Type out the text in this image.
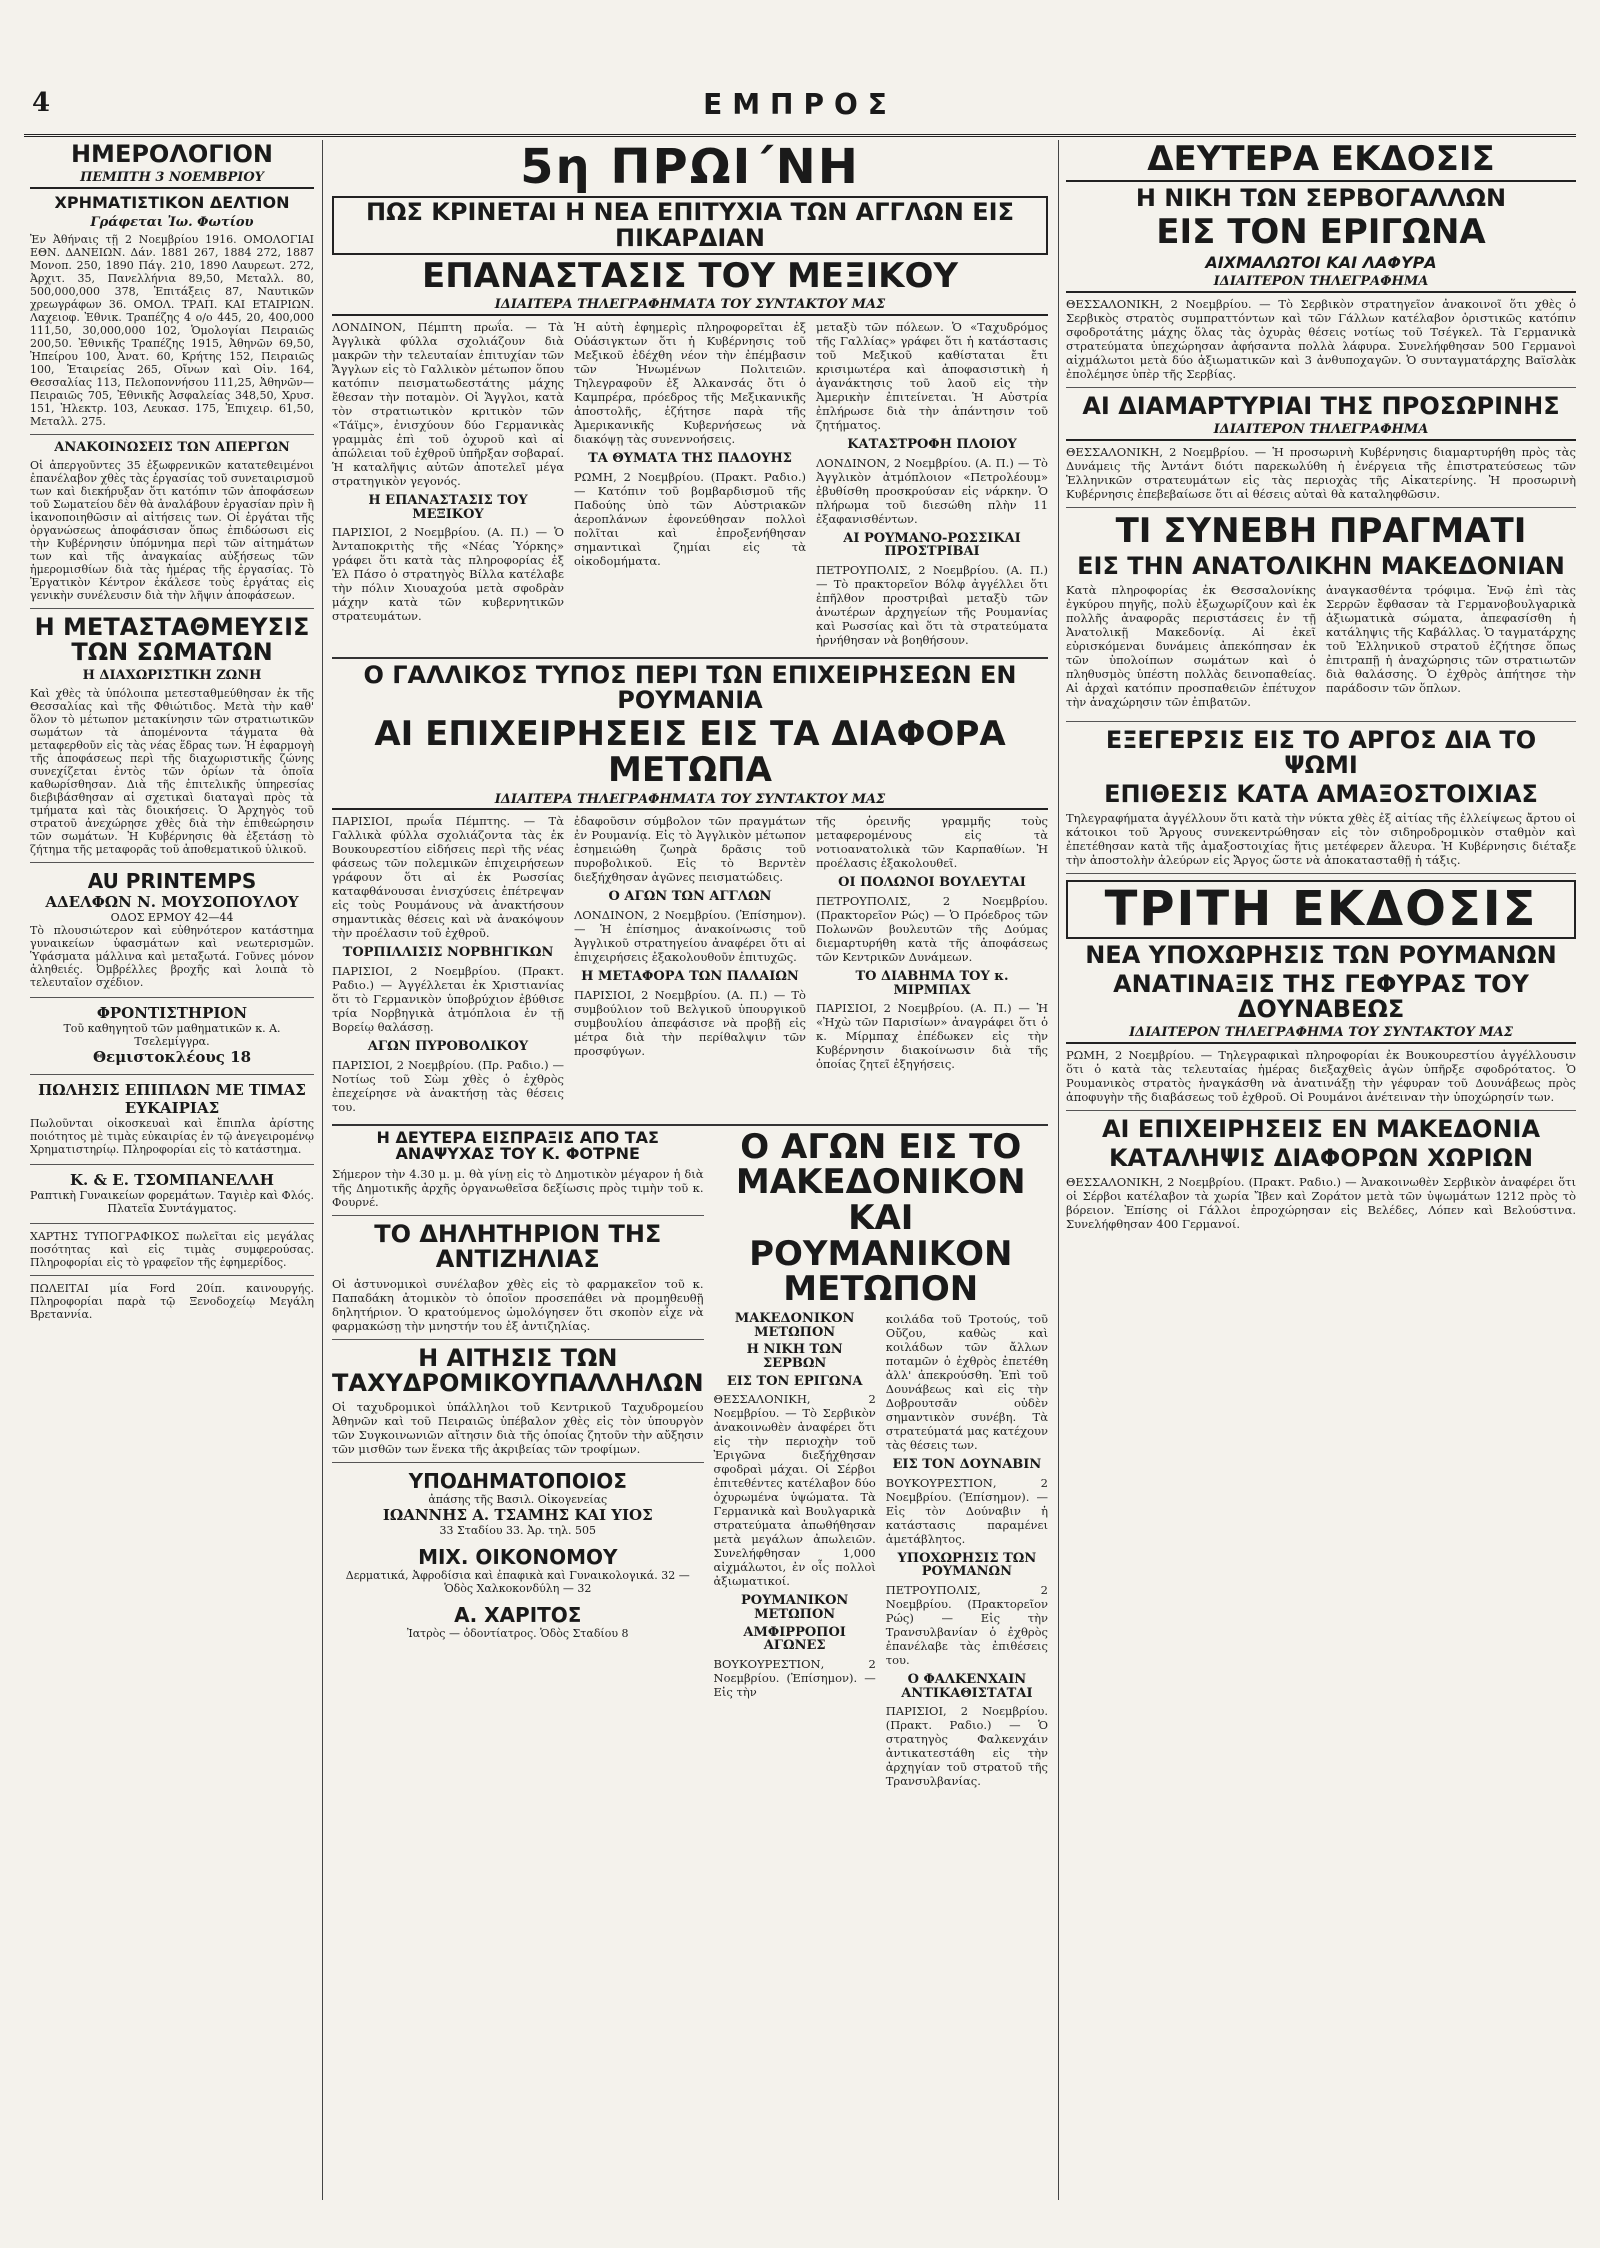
4	ΕΜΠΡΟΣ
ΗΜΕΡΟΛΟΓΙΟΝ
ΠΕΜΠΤΗ 3 ΝΟΕΜΒΡΙΟΥ
ΧΡΗΜΑΤΙΣΤΙΚΟΝ ΔΕΛΤΙΟΝ
Γράφεται Ἰω. Φωτίου

Ἐν Ἀθήναις τῇ 2 Νοεμβρίου 1916. ΟΜΟΛΟΓΙΑΙ ΕΘΝ. ΔΑΝΕΙΩΝ. Δάν. 1881 267, 1884 272, 1887 Μονοπ. 250, 1890 Πάγ. 210, 1890 Λαυρεωτ. 272, Ἀρχιτ. 35, Πανελλήνια 89,50, Μεταλλ. 80, 500,000,000 378, Ἐπιτάξεις 87, Ναυτικῶν χρεωγράφων 36. ΟΜΟΛ. ΤΡΑΠ. ΚΑΙ ΕΤΑΙΡΙΩΝ. Λαχειοφ. Ἐθνικ. Τραπέζης 4 ο/ο 445, 20, 400,000 111,50, 30,000,000 102, Ὁμολογίαι Πειραιῶς 200,50. Ἐθνικῆς Τραπέζης 1915, Ἀθηνῶν 69,50, Ἠπείρου 100, Ἀνατ. 60, Κρήτης 152, Πειραιῶς 100, Ἑταιρείας 265, Οἴνων καὶ Οἰν. 164, Θεσσαλίας 113, Πελοποννήσου 111,25, Ἀθηνῶν—Πειραιῶς 705, Ἐθνικῆς Ἀσφαλείας 348,50, Χρυσ. 151, Ἠλεκτρ. 103, Λευκασ. 175, Ἐπιχειρ. 61,50, Μεταλλ. 275.

ΑΝΑΚΟΙΝΩΣΕΙΣ ΤΩΝ ΑΠΕΡΓΩΝ

Οἱ ἀπεργοῦντες 35 ἐξωφρενικῶν κατατεθειμένοι ἐπανέλαβον χθὲς τὰς ἐργασίας τοῦ συνεταιρισμοῦ των καὶ διεκήρυξαν ὅτι κατόπιν τῶν ἀποφάσεων τοῦ Σωματείου δὲν θὰ ἀναλάβουν ἐργασίαν πρὶν ἢ ἱκανοποιηθῶσιν αἱ αἰτήσεις των. Οἱ ἐργάται τῆς ὀργανώσεως ἀποφάσισαν ὅπως ἐπιδώσωσι εἰς τὴν Κυβέρνησιν ὑπόμνημα περὶ τῶν αἰτημάτων των καὶ τῆς ἀναγκαίας αὐξήσεως τῶν ἡμερομισθίων διὰ τὰς ἡμέρας τῆς ἐργασίας. Τὸ Ἐργατικὸν Κέντρον ἐκάλεσε τοὺς ἐργάτας εἰς γενικὴν συνέλευσιν διὰ τὴν λῆψιν ἀποφάσεων.

Η ΜΕΤΑΣΤΑΘΜΕΥΣΙΣ ΤΩΝ ΣΩΜΑΤΩΝ
Η ΔΙΑΧΩΡΙΣΤΙΚΗ ΖΩΝΗ

Καὶ χθὲς τὰ ὑπόλοιπα μετεσταθμεύθησαν ἐκ τῆς Θεσσαλίας καὶ τῆς Φθιώτιδος. Μετὰ τὴν καθ' ὅλον τὸ μέτωπον μετακίνησιν τῶν στρατιωτικῶν σωμάτων τὰ ἀπομένοντα τάγματα θὰ μεταφερθοῦν εἰς τὰς νέας ἕδρας των. Ἡ ἐφαρμογὴ τῆς ἀποφάσεως περὶ τῆς διαχωριστικῆς ζώνης συνεχίζεται ἐντὸς τῶν ὁρίων τὰ ὁποῖα καθωρίσθησαν. Διὰ τῆς ἐπιτελικῆς ὑπηρεσίας διεβιβάσθησαν αἱ σχετικαὶ διαταγαὶ πρὸς τὰ τμήματα καὶ τὰς διοικήσεις. Ὁ Ἀρχηγὸς τοῦ στρατοῦ ἀνεχώρησε χθὲς διὰ τὴν ἐπιθεώρησιν τῶν σωμάτων. Ἡ Κυβέρνησις θὰ ἐξετάσῃ τὸ ζήτημα τῆς μεταφορᾶς τοῦ ἀποθεματικοῦ ὑλικοῦ.

AU PRINTEMPS
ΑΔΕΛΦΩΝ Ν. ΜΟΥΣΟΠΟΥΛΟΥ
ΟΔΟΣ ΕΡΜΟΥ 42—44

Τὸ πλουσιώτερον καὶ εὐθηνότερον κατάστημα γυναικείων ὑφασμάτων καὶ νεωτερισμῶν. Ὑφάσματα μάλλινα καὶ μεταξωτά. Γοῦνες μόνον ἀληθειές. Ὀμβρέλλες βροχῆς καὶ λοιπὰ τὸ τελευταῖον σχέδιον.

ΦΡΟΝΤΙΣΤΗΡΙΟΝ
Τοῦ καθηγητοῦ τῶν μαθηματικῶν κ. Α. Τσελεμίγγρα.
Θεμιστοκλέους 18
ΠΩΛΗΣΙΣ ΕΠΙΠΛΩΝ ΜΕ ΤΙΜΑΣ ΕΥΚΑΙΡΙΑΣ

Πωλοῦνται οἰκοσκευαὶ καὶ ἔπιπλα ἀρίστης ποιότητος μὲ τιμὰς εὐκαιρίας ἐν τῷ ἀνεγειρομένῳ Χρηματιστηρίῳ. Πληροφορίαι εἰς τὸ κατάστημα.

Κ. & Ε. ΤΣΟΜΠΑΝΕΛΛΗ
Ραπτικὴ Γυναικείων φορεμάτων. Ταγιὲρ καὶ Φλός. Πλατεῖα Συντάγματος.

ΧΑΡΤΗΣ ΤΥΠΟΓΡΑΦΙΚΟΣ πωλεῖται εἰς μεγάλας ποσότητας καὶ εἰς τιμὰς συμφερούσας. Πληροφορίαι εἰς τὸ γραφεῖον τῆς ἐφημερίδος.

ΠΩΛΕΙΤΑΙ μία Ford 20ίπ. καινουργής. Πληροφορίαι παρὰ τῷ Ξενοδοχείῳ Μεγάλη Βρεταννία.

5η ΠΡΩΙ΄ΝΗ
ΠΩΣ ΚΡΙΝΕΤΑΙ Η ΝΕΑ ΕΠΙΤΥΧΙΑ ΤΩΝ ΑΓΓΛΩΝ ΕΙΣ ΠΙΚΑΡΔΙΑΝ
ΕΠΑΝΑΣΤΑΣΙΣ ΤΟΥ ΜΕΞΙΚΟΥ
ΙΔΙΑΙΤΕΡΑ ΤΗΛΕΓΡΑΦΗΜΑΤΑ ΤΟΥ ΣΥΝΤΑΚΤΟΥ ΜΑΣ

ΛΟΝΔΙΝΟΝ, Πέμπτη πρωΐα. — Τὰ Ἀγγλικὰ φύλλα σχολιάζουν διὰ μακρῶν τὴν τελευταίαν ἐπιτυχίαν τῶν Ἄγγλων εἰς τὸ Γαλλικὸν μέτωπον ὅπου κατόπιν πεισματωδεστάτης μάχης ἔθεσαν τὴν ποταμὸν. Οἱ Ἄγγλοι, κατὰ τὸν στρατιωτικὸν κριτικὸν τῶν «Τάϊμς», ἐνισχύουν δύο Γερμανικὰς γραμμὰς ἐπὶ τοῦ ὀχυροῦ καὶ αἱ ἀπώλειαι τοῦ ἐχθροῦ ὑπῆρξαν σοβαραί. Ἡ καταλῆψις αὐτῶν ἀποτελεῖ μέγα στρατηγικὸν γεγονός.

Η ΕΠΑΝΑΣΤΑΣΙΣ ΤΟΥ ΜΕΞΙΚΟΥ

ΠΑΡΙΣΙΟΙ, 2 Νοεμβρίου. (Α. Π.) — Ὁ Ἀνταποκριτὴς τῆς «Νέας Ὑόρκης» γράφει ὅτι κατὰ τὰς πληροφορίας ἐξ Ἐλ Πάσο ὁ στρατηγὸς Βίλλα κατέλαβε τὴν πόλιν Χιουαχούα μετὰ σφοδρὰν μάχην κατὰ τῶν κυβερνητικῶν στρατευμάτων.

Ἡ αὐτὴ ἐφημερὶς πληροφορεῖται ἐξ Οὐάσιγκτων ὅτι ἡ Κυβέρνησις τοῦ Μεξικοῦ ἐδέχθη νέον τὴν ἐπέμβασιν τῶν Ἡνωμένων Πολιτειῶν. Τηλεγραφοῦν ἐξ Ἀλκανσάς ὅτι ὁ Καμπρέρα, πρόεδρος τῆς Μεξικανικῆς ἀποστολῆς, ἐζήτησε παρὰ τῆς Ἀμερικανικῆς Κυβερνήσεως νὰ διακόψῃ τὰς συνεννοήσεις.

ΤΑ ΘΥΜΑΤΑ ΤΗΣ ΠΑΔΟΥΗΣ

ΡΩΜΗ, 2 Νοεμβρίου. (Πρακτ. Ραδιο.) — Κατόπιν τοῦ βομβαρδισμοῦ τῆς Παδούης ὑπὸ τῶν Αὐστριακῶν ἀεροπλάνων ἐφονεύθησαν πολλοὶ πολῖται καὶ ἐπροξενήθησαν σημαντικαὶ ζημίαι εἰς τὰ οἰκοδομήματα.

μεταξὺ τῶν πόλεων. Ὁ «Ταχυδρόμος τῆς Γαλλίας» γράφει ὅτι ἡ κατάστασις τοῦ Μεξικοῦ καθίσταται ἔτι κρισιμωτέρα καὶ ἀποφασιστικὴ ἡ ἀγανάκτησις τοῦ λαοῦ εἰς τὴν Ἀμερικὴν ἐπιτείνεται. Ἡ Αὐστρία ἐπλήρωσε διὰ τὴν ἀπάντησιν τοῦ ζητήματος.

ΚΑΤΑΣΤΡΟΦΗ ΠΛΟΙΟΥ

ΛΟΝΔΙΝΟΝ, 2 Νοεμβρίου. (Α. Π.) — Τὸ Ἀγγλικὸν ἀτμόπλοιον «Πετρολέουμ» ἐβυθίσθη προσκρούσαν εἰς νάρκην. Ὁ πλήρωμα τοῦ διεσώθη πλὴν 11 ἐξαφανισθέντων.

ΑΙ ΡΟΥΜΑΝΟ-ΡΩΣΣΙΚΑΙ ΠΡΟΣΤΡΙΒΑΙ

ΠΕΤΡΟΥΠΟΛΙΣ, 2 Νοεμβρίου. (Α. Π.) — Τὸ πρακτορεῖον Βόλφ ἀγγέλλει ὅτι ἐπῆλθον προστριβαὶ μεταξὺ τῶν ἀνωτέρων ἀρχηγείων τῆς Ρουμανίας καὶ Ρωσσίας καὶ ὅτι τὰ στρατεύματα ἠρνήθησαν νὰ βοηθήσουν.

Ο ΓΑΛΛΙΚΟΣ ΤΥΠΟΣ ΠΕΡΙ ΤΩΝ ΕΠΙΧΕΙΡΗΣΕΩΝ ΕΝ ΡΟΥΜΑΝΙΑ
ΑΙ ΕΠΙΧΕΙΡΗΣΕΙΣ ΕΙΣ ΤΑ ΔΙΑΦΟΡΑ ΜΕΤΩΠΑ
ΙΔΙΑΙΤΕΡΑ ΤΗΛΕΓΡΑΦΗΜΑΤΑ ΤΟΥ ΣΥΝΤΑΚΤΟΥ ΜΑΣ

ΠΑΡΙΣΙΟΙ, πρωΐα Πέμπτης. — Τὰ Γαλλικὰ φύλλα σχολιάζοντα τὰς ἐκ Βουκουρεστίου εἰδήσεις περὶ τῆς νέας φάσεως τῶν πολεμικῶν ἐπιχειρήσεων γράφουν ὅτι αἱ ἐκ Ρωσσίας καταφθάνουσαι ἐνισχύσεις ἐπέτρεψαν εἰς τοὺς Ρουμάνους νὰ ἀνακτήσουν σημαντικὰς θέσεις καὶ νὰ ἀνακόψουν τὴν προέλασιν τοῦ ἐχθροῦ.

ΤΟΡΠΙΛΛΙΣΙΣ ΝΟΡΒΗΓΙΚΩΝ

ΠΑΡΙΣΙΟΙ, 2 Νοεμβρίου. (Πρακτ. Ραδιο.) — Ἀγγέλλεται ἐκ Χριστιανίας ὅτι τὸ Γερμανικὸν ὑποβρύχιον ἐβύθισε τρία Νορβηγικὰ ἀτμόπλοια ἐν τῇ Βορείῳ θαλάσσῃ.

ΑΓΩΝ ΠΥΡΟΒΟΛΙΚΟΥ

ΠΑΡΙΣΙΟΙ, 2 Νοεμβρίου. (Πρ. Ραδιο.) — Νοτίως τοῦ Σὼμ χθὲς ὁ ἐχθρὸς ἐπεχείρησε νὰ ἀνακτήσῃ τὰς θέσεις του.

ἐδαφοῦσιν σύμβολον τῶν πραγμάτων ἐν Ρουμανίᾳ. Εἰς τὸ Ἀγγλικὸν μέτωπον ἐσημειώθη ζωηρὰ δρᾶσις τοῦ πυροβολικοῦ. Εἰς τὸ Βερντὲν διεξήχθησαν ἀγῶνες πεισματώδεις.

Ο ΑΓΩΝ ΤΩΝ ΑΓΓΛΩΝ

ΛΟΝΔΙΝΟΝ, 2 Νοεμβρίου. (Ἐπίσημον). — Ἡ ἐπίσημος ἀνακοίνωσις τοῦ Ἀγγλικοῦ στρατηγείου ἀναφέρει ὅτι αἱ ἐπιχειρήσεις ἐξακολουθοῦν ἐπιτυχῶς.

Η ΜΕΤΑΦΟΡΑ ΤΩΝ ΠΑΛΑΙΩΝ

ΠΑΡΙΣΙΟΙ, 2 Νοεμβρίου. (Α. Π.) — Τὸ συμβούλιον τοῦ Βελγικοῦ ὑπουργικοῦ συμβουλίου ἀπεφάσισε νὰ προβῇ εἰς μέτρα διὰ τὴν περίθαλψιν τῶν προσφύγων.

τῆς ὁρεινῆς γραμμῆς τοὺς μεταφερομένους εἰς τὰ νοτιοανατολικὰ τῶν Καρπαθίων. Ἡ προέλασις ἐξακολουθεῖ.

ΟΙ ΠΟΛΩΝΟΙ ΒΟΥΛΕΥΤΑΙ

ΠΕΤΡΟΥΠΟΛΙΣ, 2 Νοεμβρίου. (Πρακτορεῖον Ρώς) — Ὁ Πρόεδρος τῶν Πολωνῶν βουλευτῶν τῆς Δούμας διεμαρτυρήθη κατὰ τῆς ἀποφάσεως τῶν Κεντρικῶν Δυνάμεων.

ΤΟ ΔΙΑΒΗΜΑ ΤΟΥ κ. ΜΙΡΜΠΑΧ

ΠΑΡΙΣΙΟΙ, 2 Νοεμβρίου. (Α. Π.) — Ἡ «Ἠχὼ τῶν Παρισίων» ἀναγράφει ὅτι ὁ κ. Μίρμπαχ ἐπέδωκεν εἰς τὴν Κυβέρνησιν διακοίνωσιν διὰ τῆς ὁποίας ζητεῖ ἐξηγήσεις.

Η ΔΕΥΤΕΡΑ ΕΙΣΠΡΑΞΙΣ ΑΠΟ ΤΑΣ ΑΝΑΨΥΧΑΣ ΤΟΥ Κ. ΦΟΤΡΝΕ

Σήμερον τὴν 4.30 μ. μ. θὰ γίνῃ εἰς τὸ Δημοτικὸν μέγαρον ἡ διὰ τῆς Δημοτικῆς ἀρχῆς ὀργανωθεῖσα δεξίωσις πρὸς τιμὴν τοῦ κ. Φουρνέ.

ΤΟ ΔΗΛΗΤΗΡΙΟΝ ΤΗΣ ΑΝΤΙΖΗΛΙΑΣ

Οἱ ἀστυνομικοὶ συνέλαβον χθὲς εἰς τὸ φαρμακεῖον τοῦ κ. Παπαδάκη ἀτομικὸν τὸ ὁποῖον προσεπάθει νὰ προμηθευθῇ δηλητήριον. Ὁ κρατούμενος ὡμολόγησεν ὅτι σκοπὸν εἶχε νὰ φαρμακώσῃ τὴν μνηστήν του ἐξ ἀντιζηλίας.

Η ΑΙΤΗΣΙΣ ΤΩΝ ΤΑΧΥΔΡΟΜΙΚΟΥΠΑΛΛΗΛΩΝ

Οἱ ταχυδρομικοὶ ὑπάλληλοι τοῦ Κεντρικοῦ Ταχυδρομείου Ἀθηνῶν καὶ τοῦ Πειραιῶς ὑπέβαλον χθὲς εἰς τὸν ὑπουργὸν τῶν Συγκοινωνιῶν αἴτησιν διὰ τῆς ὁποίας ζητοῦν τὴν αὔξησιν τῶν μισθῶν των ἕνεκα τῆς ἀκριβείας τῶν τροφίμων.

ΥΠΟΔΗΜΑΤΟΠΟΙΟΣ
ἀπάσης τῆς Βασιλ. Οἰκογενείας
ΙΩΑΝΝΗΣ Α. ΤΣΑΜΗΣ ΚΑΙ ΥΙΟΣ
33 Σταδίου 33. Ἀρ. τηλ. 505
ΜΙΧ. ΟΙΚΟΝΟΜΟΥ
Δερματικά, Ἀφροδίσια καὶ ἐπαφικὰ καὶ Γυναικολογικά. 32 — Ὁδὸς Χαλκοκονδύλη — 32
Α. ΧΑΡΙΤΟΣ
Ἰατρὸς — ὀδοντίατρος. Ὁδὸς Σταδίου 8
Ο ΑΓΩΝ ΕΙΣ ΤΟ ΜΑΚΕΔΟΝΙΚΟΝ ΚΑΙ ΡΟΥΜΑΝΙΚΟΝ ΜΕΤΩΠΟΝ
ΜΑΚΕΔΟΝΙΚΟΝ ΜΕΤΩΠΟΝ
Η ΝΙΚΗ ΤΩΝ ΣΕΡΒΩΝ
ΕΙΣ ΤΟΝ ΕΡΙΓΩΝΑ

ΘΕΣΣΑΛΟΝΙΚΗ, 2 Νοεμβρίου. — Τὸ Σερβικὸν ἀνακοινωθὲν ἀναφέρει ὅτι εἰς τὴν περιοχὴν τοῦ Ἐριγῶνα διεξήχθησαν σφοδραὶ μάχαι. Οἱ Σέρβοι ἐπιτεθέντες κατέλαβον δύο ὀχυρωμένα ὑψώματα. Τὰ Γερμανικὰ καὶ Βουλγαρικὰ στρατεύματα ἀπωθήθησαν μετὰ μεγάλων ἀπωλειῶν. Συνελήφθησαν 1,000 αἰχμάλωτοι, ἐν οἷς πολλοὶ ἀξιωματικοί.

ΡΟΥΜΑΝΙΚΟΝ ΜΕΤΩΠΟΝ
ΑΜΦΙΡΡΟΠΟΙ ΑΓΩΝΕΣ

ΒΟΥΚΟΥΡΕΣΤΙΟΝ, 2 Νοεμβρίου. (Ἐπίσημον). — Εἰς τὴν

κοιλάδα τοῦ Τροτούς, τοῦ Οὔζου, καθὼς καὶ κοιλάδων τῶν ἄλλων ποταμῶν ὁ ἐχθρὸς ἐπετέθη ἀλλ' ἀπεκρούσθη. Ἐπὶ τοῦ Δουνάβεως καὶ εἰς τὴν Δοβρουτσᾶν οὐδὲν σημαντικὸν συνέβη. Τὰ στρατεύματά μας κατέχουν τὰς θέσεις των.

ΕΙΣ ΤΟΝ ΔΟΥΝΑΒΙΝ

ΒΟΥΚΟΥΡΕΣΤΙΟΝ, 2 Νοεμβρίου. (Ἐπίσημον). — Εἰς τὸν Δούναβιν ἡ κατάστασις παραμένει ἀμετάβλητος.

ΥΠΟΧΩΡΗΣΙΣ ΤΩΝ ΡΟΥΜΑΝΩΝ

ΠΕΤΡΟΥΠΟΛΙΣ, 2 Νοεμβρίου. (Πρακτορεῖον Ρώς) — Εἰς τὴν Τρανσυλβανίαν ὁ ἐχθρὸς ἐπανέλαβε τὰς ἐπιθέσεις του.

Ο ΦΑΛΚΕΝΧΑΙΝ ΑΝΤΙΚΑΘΙΣΤΑΤΑΙ

ΠΑΡΙΣΙΟΙ, 2 Νοεμβρίου. (Πρακτ. Ραδιο.) — Ὁ στρατηγὸς Φαλκενχάιν ἀντικατεστάθη εἰς τὴν ἀρχηγίαν τοῦ στρατοῦ τῆς Τρανσυλβανίας.

ΔΕΥΤΕΡΑ ΕΚΔΟΣΙΣ
Η ΝΙΚΗ ΤΩΝ ΣΕΡΒΟΓΑΛΛΩΝ
ΕΙΣ ΤΟΝ ΕΡΙΓΩΝΑ
ΑΙΧΜΑΛΩΤΟΙ ΚΑΙ ΛΑΦΥΡΑ
ΙΔΙΑΙΤΕΡΟΝ ΤΗΛΕΓΡΑΦΗΜΑ

ΘΕΣΣΑΛΟΝΙΚΗ, 2 Νοεμβρίου. — Τὸ Σερβικὸν στρατηγεῖον ἀνακοινοῖ ὅτι χθὲς ὁ Σερβικὸς στρατὸς συμπραττόντων καὶ τῶν Γάλλων κατέλαβον ὀριστικῶς κατόπιν σφοδροτάτης μάχης ὅλας τὰς ὀχυρὰς θέσεις νοτίως τοῦ Τσέγκελ. Τὰ Γερμανικὰ στρατεύματα ὑπεχώρησαν ἀφήσαντα πολλὰ λάφυρα. Συνελήφθησαν 500 Γερμανοὶ αἰχμάλωτοι μετὰ δύο ἀξιωματικῶν καὶ 3 ἀνθυποχαγῶν. Ὁ συνταγματάρχης Βαϊσλὰκ ἐπολέμησε ὑπὲρ τῆς Σερβίας.

ΑΙ ΔΙΑΜΑΡΤΥΡΙΑΙ ΤΗΣ ΠΡΟΣΩΡΙΝΗΣ
ΙΔΙΑΙΤΕΡΟΝ ΤΗΛΕΓΡΑΦΗΜΑ

ΘΕΣΣΑΛΟΝΙΚΗ, 2 Νοεμβρίου. — Ἡ προσωρινὴ Κυβέρνησις διαμαρτυρήθη πρὸς τὰς Δυνάμεις τῆς Ἀντάντ διότι παρεκωλύθη ἡ ἐνέργεια τῆς ἐπιστρατεύσεως τῶν Ἑλληνικῶν στρατευμάτων εἰς τὰς περιοχὰς τῆς Αἰκατερίνης. Ἡ προσωρινὴ Κυβέρνησις ἐπεβεβαίωσε ὅτι αἱ θέσεις αὐταὶ θὰ καταληφθῶσιν.

ΤΙ ΣΥΝΕΒΗ ΠΡΑΓΜΑΤΙ
ΕΙΣ ΤΗΝ ΑΝΑΤΟΛΙΚΗΝ ΜΑΚΕΔΟΝΙΑΝ

Κατὰ πληροφορίας ἐκ Θεσσαλονίκης ἐγκύρου πηγῆς, πολὺ ἐξωχωρίζουν καὶ ἐκ πολλῆς ἀναφορᾶς περιστάσεις ἐν τῇ Ἀνατολικῇ Μακεδονίᾳ. Αἱ ἐκεῖ εὑρισκόμεναι δυνάμεις ἀπεκόπησαν ἐκ τῶν ὑπολοίπων σωμάτων καὶ ὁ πληθυσμὸς ὑπέστη πολλὰς δεινοπαθείας. Αἱ ἀρχαὶ κατόπιν προσπαθειῶν ἐπέτυχον τὴν ἀναχώρησιν τῶν ἐπιβατῶν.

ἀναγκασθέντα τρόφιμα. Ἐνῷ ἐπὶ τὰς Σερρῶν ἔφθασαν τὰ Γερμανοβουλγαρικὰ ἀξιωματικὰ σώματα, ἀπεφασίσθη ἡ κατάληψις τῆς Καβάλλας. Ὁ ταγματάρχης τοῦ Ἑλληνικοῦ στρατοῦ ἐζήτησε ὅπως ἐπιτραπῇ ἡ ἀναχώρησις τῶν στρατιωτῶν διὰ θαλάσσης. Ὁ ἐχθρὸς ἀπήτησε τὴν παράδοσιν τῶν ὅπλων.

ΕΞΕΓΕΡΣΙΣ ΕΙΣ ΤΟ ΑΡΓΟΣ ΔΙΑ ΤΟ ΨΩΜΙ
ΕΠΙΘΕΣΙΣ ΚΑΤΑ ΑΜΑΞΟΣΤΟΙΧΙΑΣ

Τηλεγραφήματα ἀγγέλλουν ὅτι κατὰ τὴν νύκτα χθὲς ἐξ αἰτίας τῆς ἐλλείψεως ἄρτου οἱ κάτοικοι τοῦ Ἄργους συνεκεντρώθησαν εἰς τὸν σιδηροδρομικὸν σταθμὸν καὶ ἐπετέθησαν κατὰ τῆς ἀμαξοστοιχίας ἥτις μετέφερεν ἄλευρα. Ἡ Κυβέρνησις διέταξε τὴν ἀποστολὴν ἀλεύρων εἰς Ἄργος ὥστε νὰ ἀποκατασταθῇ ἡ τάξις.

ΤΡΙΤΗ ΕΚΔΟΣΙΣ
ΝΕΑ ΥΠΟΧΩΡΗΣΙΣ ΤΩΝ ΡΟΥΜΑΝΩΝ
ΑΝΑΤΙΝΑΞΙΣ ΤΗΣ ΓΕΦΥΡΑΣ ΤΟΥ ΔΟΥΝΑΒΕΩΣ
ΙΔΙΑΙΤΕΡΟΝ ΤΗΛΕΓΡΑΦΗΜΑ ΤΟΥ ΣΥΝΤΑΚΤΟΥ ΜΑΣ

ΡΩΜΗ, 2 Νοεμβρίου. — Τηλεγραφικαὶ πληροφορίαι ἐκ Βουκουρεστίου ἀγγέλλουσιν ὅτι ὁ κατὰ τὰς τελευταίας ἡμέρας διεξαχθεὶς ἀγὼν ὑπῆρξε σφοδρότατος. Ὁ Ρουμανικὸς στρατὸς ἠναγκάσθη νὰ ἀνατινάξῃ τὴν γέφυραν τοῦ Δουνάβεως πρὸς ἀποφυγὴν τῆς διαβάσεως τοῦ ἐχθροῦ. Οἱ Ρουμάνοι ἀνέτειναν τὴν ὑποχώρησίν των.

ΑΙ ΕΠΙΧΕΙΡΗΣΕΙΣ ΕΝ ΜΑΚΕΔΟΝΙΑ
ΚΑΤΑΛΗΨΙΣ ΔΙΑΦΟΡΩΝ ΧΩΡΙΩΝ

ΘΕΣΣΑΛΟΝΙΚΗ, 2 Νοεμβρίου. (Πρακτ. Ραδιο.) — Ἀνακοινωθὲν Σερβικὸν ἀναφέρει ὅτι οἱ Σέρβοι κατέλαβον τὰ χωρία Ἴβεν καὶ Ζοράτον μετὰ τῶν ὑψωμάτων 1212 πρὸς τὸ βόρειον. Ἐπίσης οἱ Γάλλοι ἐπροχώρησαν εἰς Βελέδες, Λόπεν καὶ Βελούστινα. Συνελήφθησαν 400 Γερμανοί.
